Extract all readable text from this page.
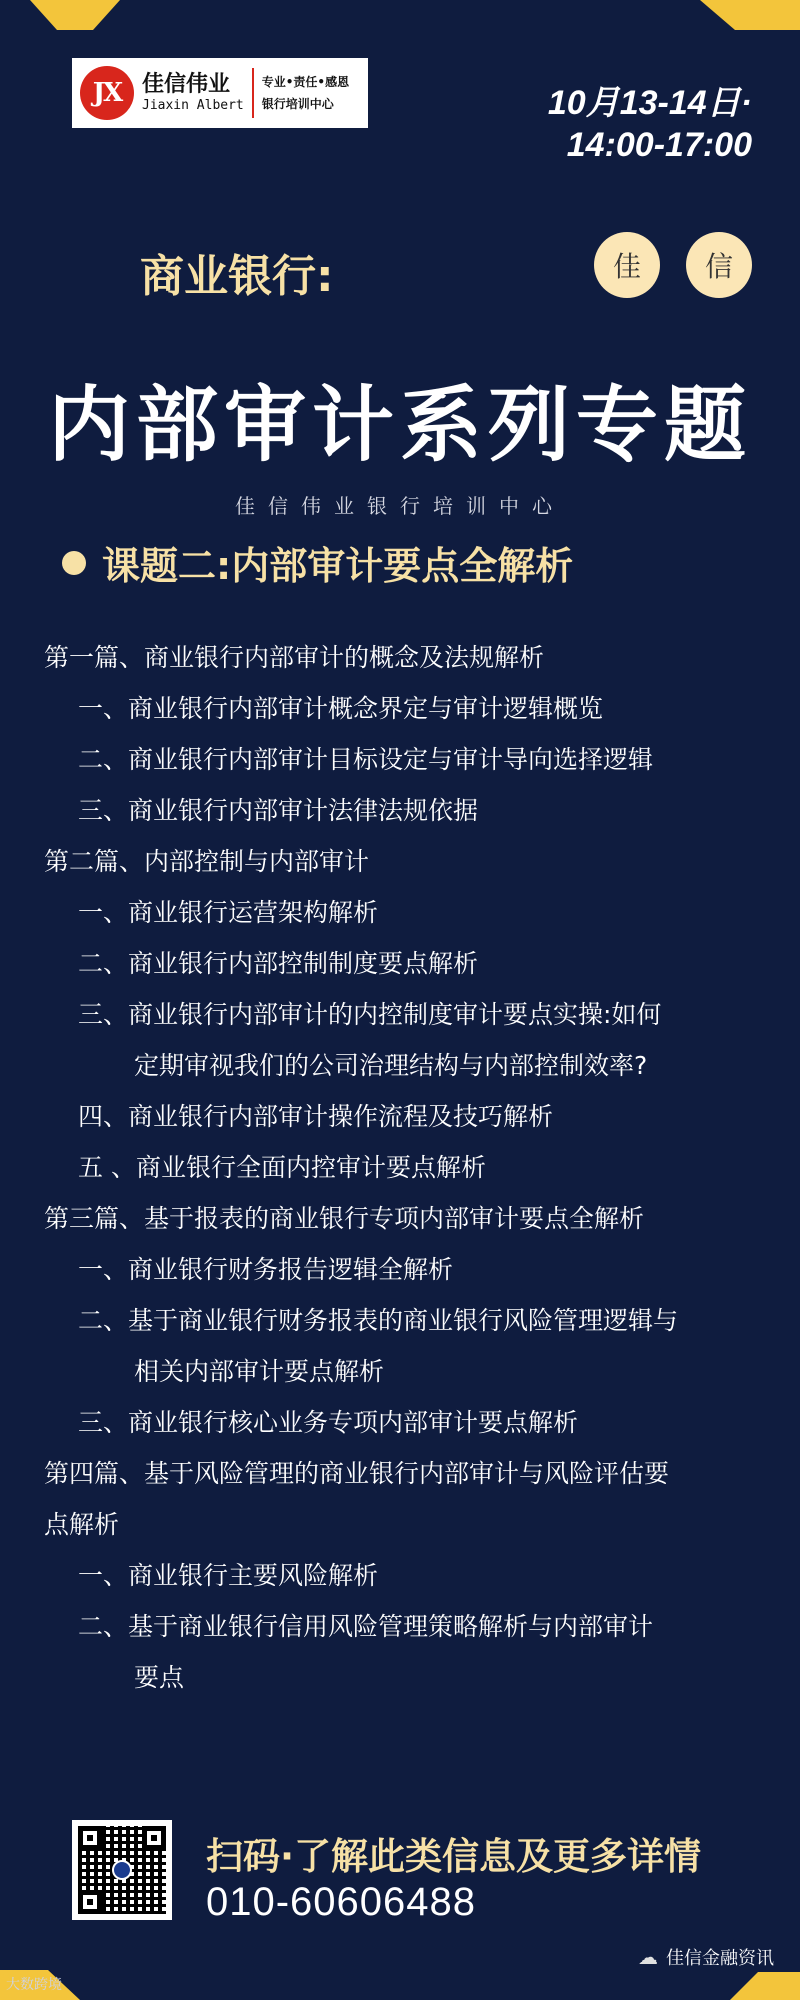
JX 佳信伟业
Jiaxin Albert
专业•责任•感恩
银行培训中心	10月13-14日·
14:00-17:00
商业银行:	佳	信
内部审计系列专题
佳信伟业银行培训中心
课题二:内部审计要点全解析
第一篇、商业银行内部审计的概念及法规解析
一、商业银行内部审计概念界定与审计逻辑概览
二、商业银行内部审计目标设定与审计导向选择逻辑
三、商业银行内部审计法律法规依据
第二篇、内部控制与内部审计
一、商业银行运营架构解析
二、商业银行内部控制制度要点解析
三、商业银行内部审计的内控制度审计要点实操:如何
定期审视我们的公司治理结构与内部控制效率?
四、商业银行内部审计操作流程及技巧解析
五 、商业银行全面内控审计要点解析
第三篇、基于报表的商业银行专项内部审计要点全解析
一、商业银行财务报告逻辑全解析
二、基于商业银行财务报表的商业银行风险管理逻辑与
相关内部审计要点解析
三、商业银行核心业务专项内部审计要点解析
第四篇、基于风险管理的商业银行内部审计与风险评估要
点解析
一、商业银行主要风险解析
二、基于商业银行信用风险管理策略解析与内部审计
要点
扫码·了解此类信息及更多详情
010-60606488
☁ 佳信金融资讯
大数跨境
